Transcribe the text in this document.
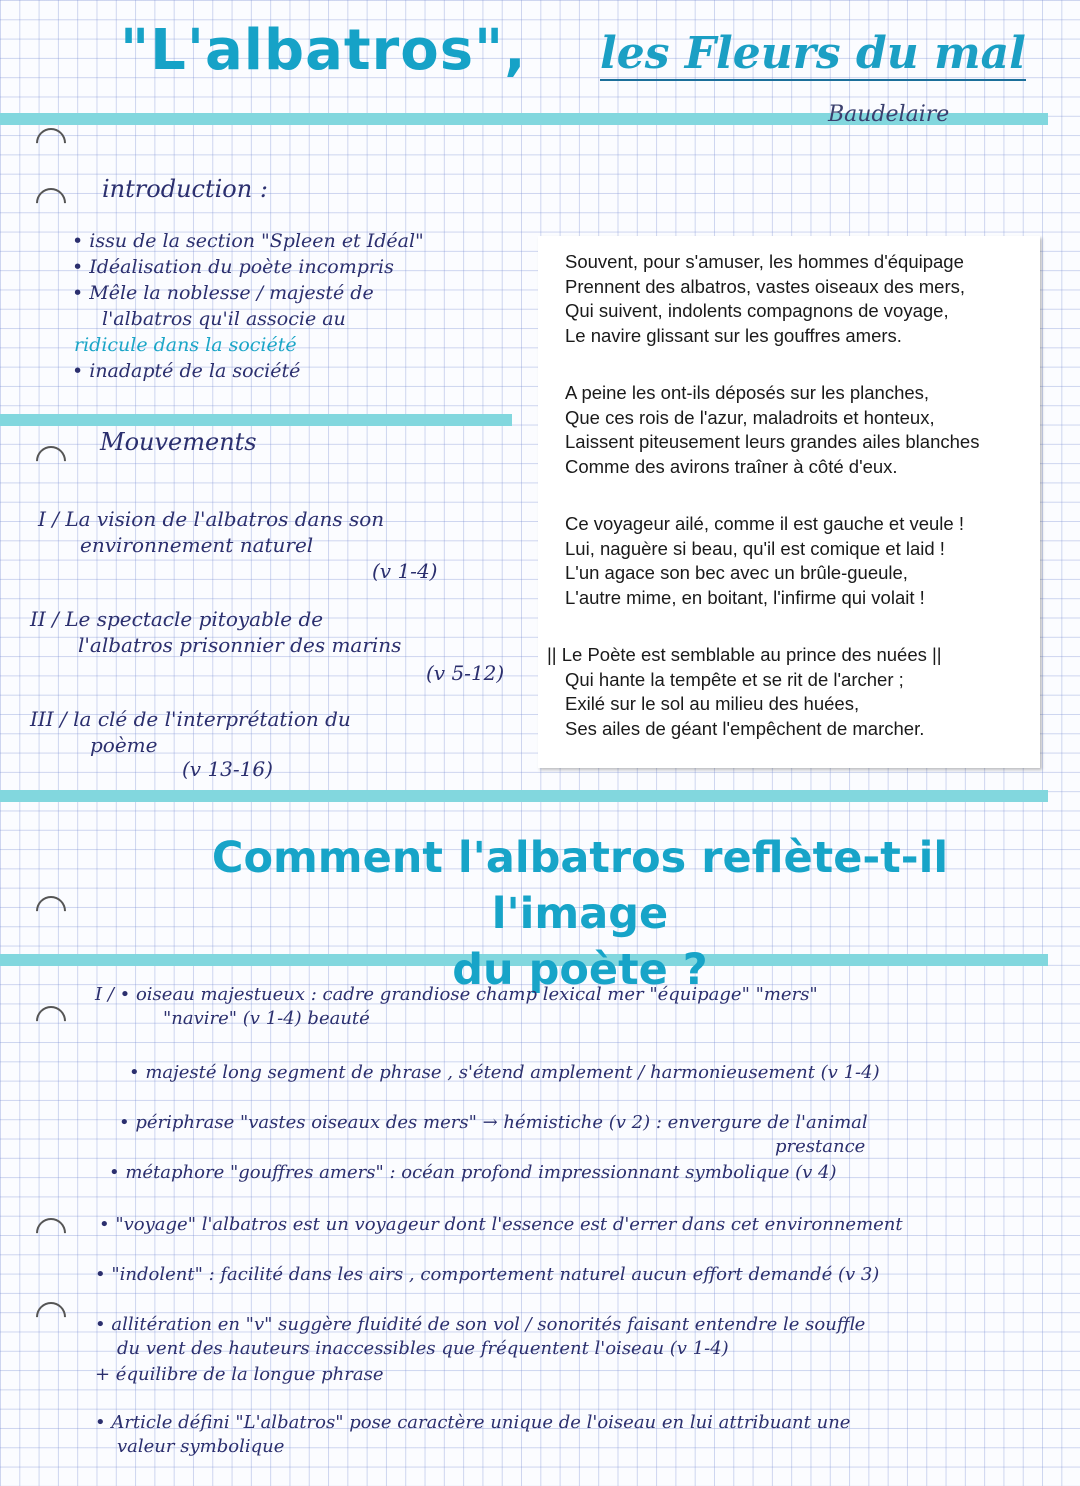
"L'albatros", les Fleurs du mal
Baudelaire
introduction :
• issu de la section "Spleen et Idéal"
• Idéalisation du poète incompris
• Mêle la noblesse / majesté de
l'albatros qu'il associe au
ridicule dans la société
• inadapté de la société
Mouvements
I / La vision de l'albatros dans son
environnement naturel
(v 1-4)
II / Le spectacle pitoyable de
l'albatros prisonnier des marins
(v 5-12)
III / la clé de l'interprétation du
poème
(v 13-16)
Souvent, pour s'amuser, les hommes d'équipage
Prennent des albatros, vastes oiseaux des mers,
Qui suivent, indolents compagnons de voyage,
Le navire glissant sur les gouffres amers.
A peine les ont-ils déposés sur les planches,
Que ces rois de l'azur, maladroits et honteux,
Laissent piteusement leurs grandes ailes blanches
Comme des avirons traîner à côté d'eux.
Ce voyageur ailé, comme il est gauche et veule !
Lui, naguère si beau, qu'il est comique et laid !
L'un agace son bec avec un brûle-gueule,
L'autre mime, en boitant, l'infirme qui volait !
|| Le Poète est semblable au prince des nuées ||
Qui hante la tempête et se rit de l'archer ;
Exilé sur le sol au milieu des huées,
Ses ailes de géant l'empêchent de marcher.
Comment l'albatros reflète-t-il l'image
du poète ?
I / • oiseau majestueux : cadre grandiose champ lexical mer "équipage" "mers"
"navire" (v 1-4) beauté
• majesté long segment de phrase , s'étend amplement / harmonieusement (v 1-4)
• périphrase "vastes oiseaux des mers" → hémistiche (v 2) : envergure de l'animal
prestance
• métaphore "gouffres amers" : océan profond impressionnant symbolique (v 4)
• "voyage" l'albatros est un voyageur dont l'essence est d'errer dans cet environnement
• "indolent" : facilité dans les airs , comportement naturel aucun effort demandé (v 3)
• allitération en "v" suggère fluidité de son vol / sonorités faisant entendre le souffle
du vent des hauteurs inaccessibles que fréquentent l'oiseau (v 1-4)
+ équilibre de la longue phrase
• Article défini "L'albatros" pose caractère unique de l'oiseau en lui attribuant une
valeur symbolique
